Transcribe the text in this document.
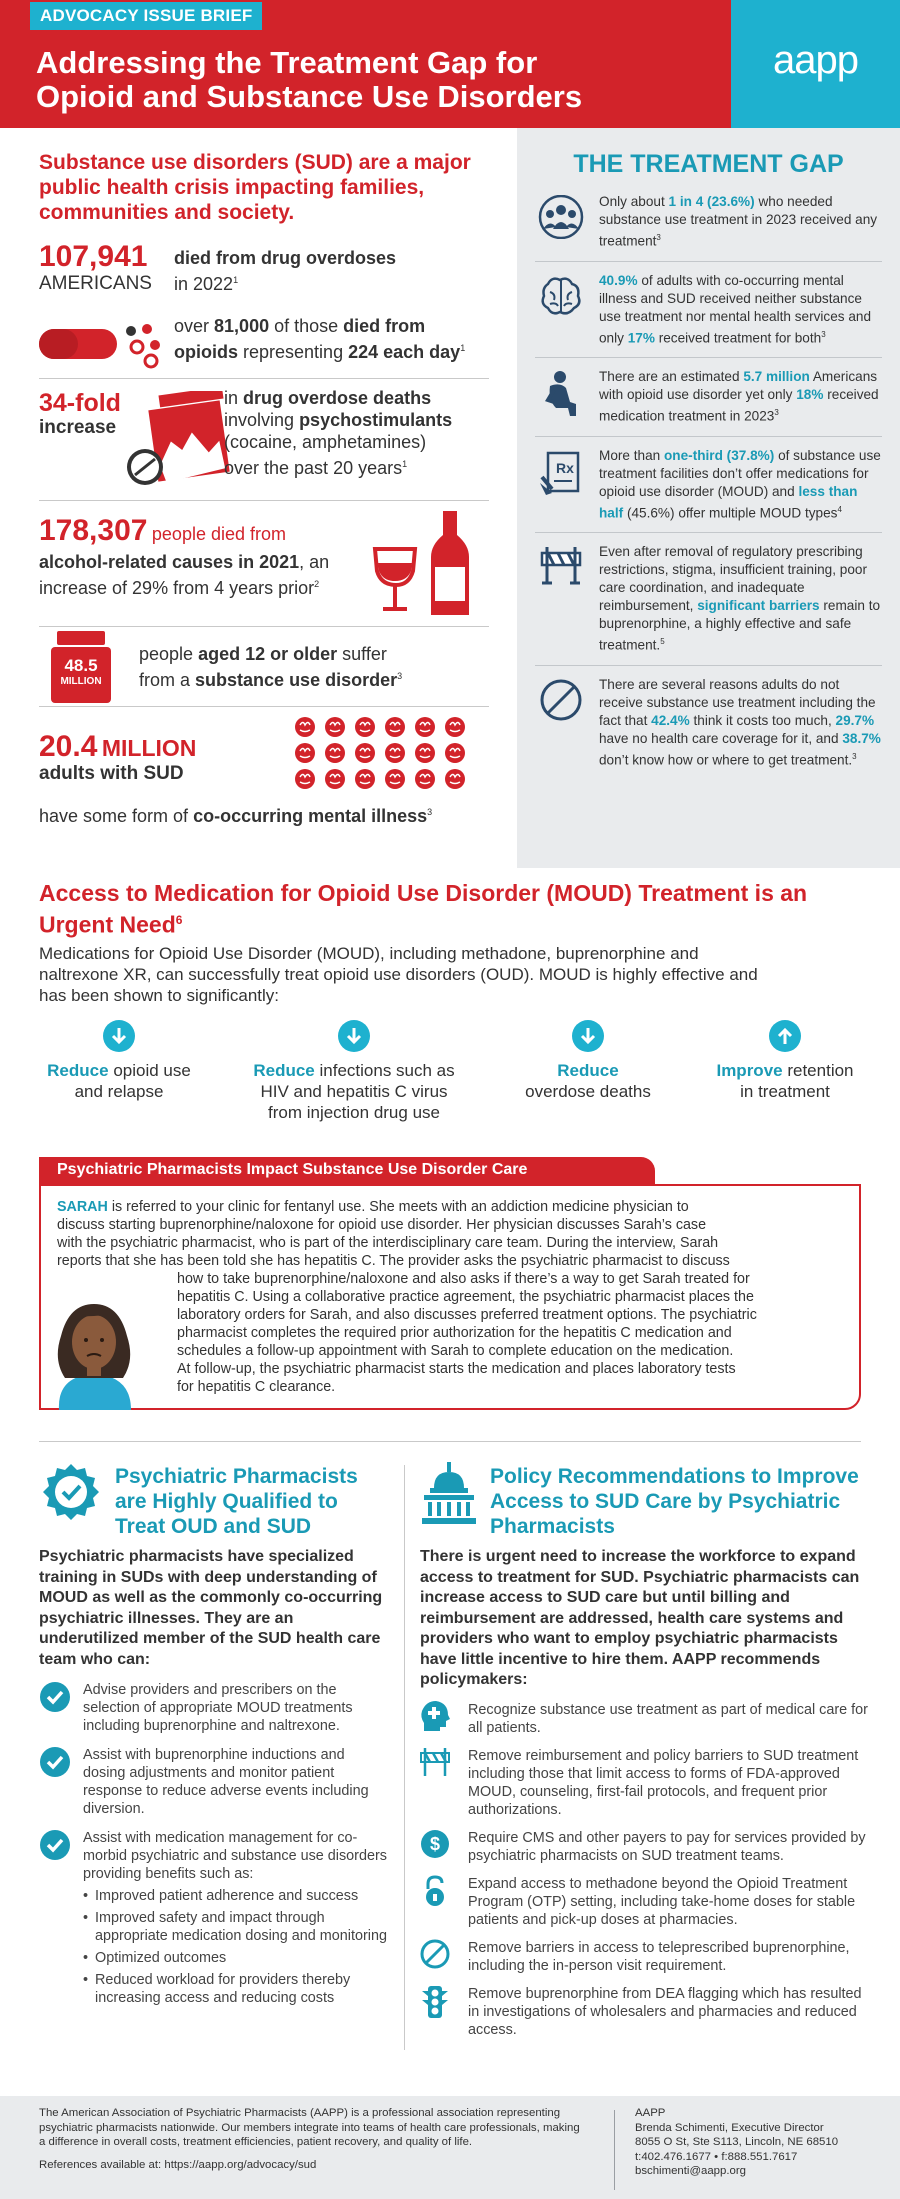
ADVOCACY ISSUE BRIEF
Addressing the Treatment Gap for
Opioid and Substance Use Disorders
aapp
Substance use disorders (SUD) are a major public health crisis impacting families, communities and society.
107,941
AMERICANS
died from drug overdoses
in 2022$^1$
over 81,000 of those died from
opioids representing 224 each day$^1$
34-fold
increase
in drug overdose deaths
involving psychostimulants
(cocaine, amphetamines)
over the past 20 years$^1$
178,307 people died from
alcohol-related causes in 2021, an
increase of 29% from 4 years prior$^2$
48.5
MILLION
people aged 12 or older suffer
from a substance use disorder$^3$
20.4 MILLION
adults with SUD
have some form of co-occurring mental illness$^3$
THE TREATMENT GAP
Only about 1 in 4 (23.6%) who needed substance use treatment in 2023 received any treatment$^3$
40.9% of adults with co-occurring mental illness and SUD received neither substance use treatment nor mental health services and only 17% received treatment for both$^3$
There are an estimated 5.7 million Americans with opioid use disorder yet only 18% received medication treatment in 2023$^3$
Rx
More than one-third (37.8%) of substance use treatment facilities don’t offer medications for opioid use disorder (MOUD) and less than half (45.6%) offer multiple MOUD types$^4$
Even after removal of regulatory prescribing restrictions, stigma, insufficient training, poor care coordination, and inadequate reimbursement, significant barriers remain to buprenorphine, a highly effective and safe treatment.$^5$
There are several reasons adults do not receive substance use treatment including the fact that 42.4% think it costs too much, 29.7% have no health care coverage for it, and 38.7% don’t know how or where to get treatment.$^3$
Access to Medication for Opioid Use Disorder (MOUD) Treatment is an Urgent Need$^6$
Medications for Opioid Use Disorder (MOUD), including methadone, buprenorphine and naltrexone XR, can successfully treat opioid use disorders (OUD). MOUD is highly effective and has been shown to significantly:
Reduce opioid use
and relapse
Reduce infections such as
HIV and hepatitis C virus
from injection drug use
Reduce
overdose deaths
Improve retention
in treatment
Psychiatric Pharmacists Impact Substance Use Disorder Care
SARAH is referred to your clinic for fentanyl use. She meets with an addiction medicine physician to
discuss starting buprenorphine/naloxone for opioid use disorder. Her physician discusses Sarah’s case
with the psychiatric pharmacist, who is part of the interdisciplinary care team. During the interview, Sarah
reports that she has been told she has hepatitis C. The provider asks the psychiatric pharmacist to discuss
how to take buprenorphine/naloxone and also asks if there’s a way to get Sarah treated for
hepatitis C. Using a collaborative practice agreement, the psychiatric pharmacist places the
laboratory orders for Sarah, and also discusses preferred treatment options. The psychiatric
pharmacist completes the required prior authorization for the hepatitis C medication and
schedules a follow-up appointment with Sarah to complete education on the medication.
At follow-up, the psychiatric pharmacist starts the medication and places laboratory tests
for hepatitis C clearance.
Psychiatric Pharmacists are Highly Qualified to Treat OUD and SUD
Psychiatric pharmacists have specialized training in SUDs with deep understanding of MOUD as well as the commonly co-occurring psychiatric illnesses. They are an underutilized member of the SUD health care team who can:
Advise providers and prescribers on the selection of appropriate MOUD treatments including buprenorphine and naltrexone.
Assist with buprenorphine inductions and dosing adjustments and monitor patient response to reduce adverse events including diversion.
Assist with medication management for co-morbid psychiatric and substance use disorders providing benefits such as:
• Improved patient adherence and success
• Improved safety and impact through appropriate medication dosing and monitoring
• Optimized outcomes
• Reduced workload for providers thereby increasing access and reducing costs
Policy Recommendations to Improve Access to SUD Care by Psychiatric Pharmacists
There is urgent need to increase the workforce to expand access to treatment for SUD. Psychiatric pharmacists can increase access to SUD care but until billing and reimbursement are addressed, health care systems and providers who want to employ psychiatric pharmacists have little incentive to hire them. AAPP recommends policymakers:
Recognize substance use treatment as part of medical care for all patients.
Remove reimbursement and policy barriers to SUD treatment including those that limit access to forms of FDA-approved MOUD, counseling, first-fail protocols, and frequent prior authorizations.
$ Require CMS and other payers to pay for services provided by psychiatric pharmacists on SUD treatment teams.
Expand access to methadone beyond the Opioid Treatment Program (OTP) setting, including take-home doses for stable patients and pick-up doses at pharmacies.
Remove barriers in access to teleprescribed buprenorphine, including the in-person visit requirement.
Remove buprenorphine from DEA flagging which has resulted in investigations of wholesalers and pharmacies and reduced access.
The American Association of Psychiatric Pharmacists (AAPP) is a professional association representing psychiatric pharmacists nationwide. Our members integrate into teams of health care professionals, making a difference in overall costs, treatment efficiencies, patient recovery, and quality of life.
References available at: https://aapp.org/advocacy/sud
AAPP
Brenda Schimenti, Executive Director
8055 O St, Ste S113, Lincoln, NE 68510
t:402.476.1677 • f:888.551.7617
bschimenti@aapp.org
